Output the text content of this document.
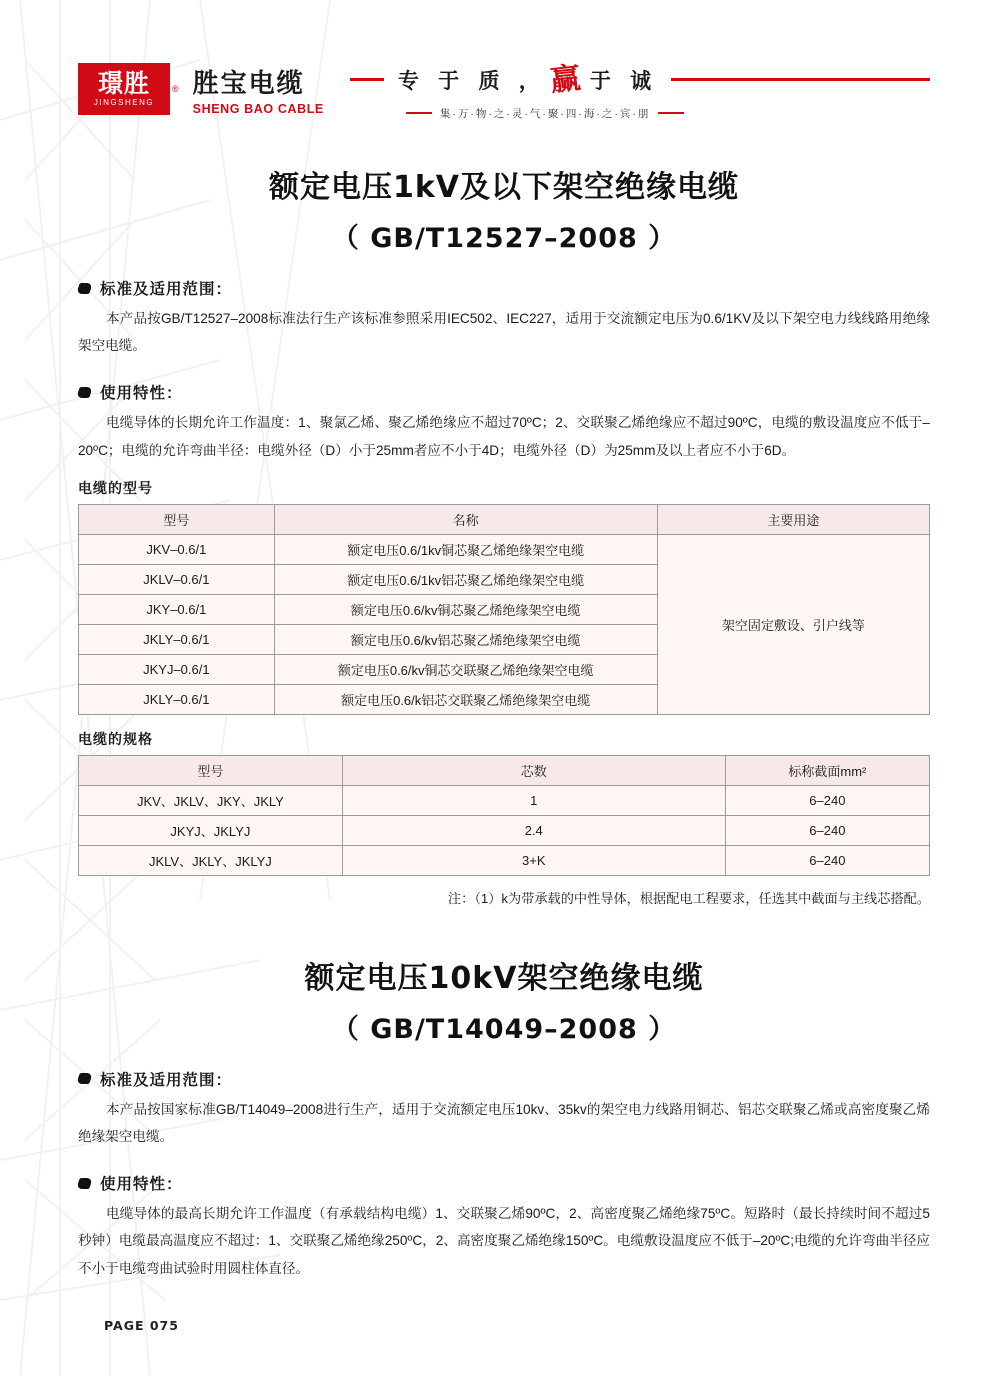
璟胜
JINGSHENG
® 胜宝电缆
SHENG BAO CABLE
专 于 质 ， 赢 于 诚
集·万·物·之·灵·气·聚·四·海·之·宾·朋
额定电压1kV及以下架空绝缘电缆
（ GB/T12527–2008 ）
标准及适用范围：
本产品按GB/T12527–2008标准法行生产该标准参照采用IEC502、IEC227，适用于交流额定电压为0.6/1KV及以下架空电力线线路用绝缘架空电缆。
使用特性：
电缆导体的长期允许工作温度：1、聚氯乙烯、聚乙烯绝缘应不超过70ºC；2、交联聚乙烯绝缘应不超过90ºC，电缆的敷设温度应不低于–20ºC；电缆的允许弯曲半径：电缆外径（D）小于25mm者应不小于4D；电缆外径（D）为25mm及以上者应不小于6D。
电缆的型号
型号	名称	主要用途
JKV–0.6/1	额定电压0.6/1kv铜芯聚乙烯绝缘架空电缆	架空固定敷设、引户线等
JKLV–0.6/1	额定电压0.6/1kv铝芯聚乙烯绝缘架空电缆	
JKY–0.6/1	额定电压0.6/kv铜芯聚乙烯绝缘架空电缆	
JKLY–0.6/1	额定电压0.6/kv铝芯聚乙烯绝缘架空电缆	
JKYJ–0.6/1	额定电压0.6/kv铜芯交联聚乙烯绝缘架空电缆	
JKLY–0.6/1	额定电压0.6/k铝芯交联聚乙烯绝缘架空电缆	
电缆的规格
型号	芯数	标称截面mm²
JKV、JKLV、JKY、JKLY	1	6–240
JKYJ、JKLYJ	2.4	6–240
JKLV、JKLY、JKLYJ	3+K	6–240
注：（1）k为带承载的中性导体，根据配电工程要求，任选其中截面与主线芯搭配。
额定电压10kV架空绝缘电缆
（ GB/T14049–2008 ）
标准及适用范围：
本产品按国家标准GB/T14049–2008进行生产，适用于交流额定电压10kv、35kv的架空电力线路用铜芯、铝芯交联聚乙烯或高密度聚乙烯绝缘架空电缆。
使用特性：
电缆导体的最高长期允许工作温度（有承载结构电缆）1、交联聚乙烯90ºC，2、高密度聚乙烯绝缘75ºC。短路时（最长持续时间不超过5秒钟）电缆最高温度应不超过：1、交联聚乙烯绝缘250ºC，2、高密度聚乙烯绝缘150ºC。电缆敷设温度应不低于–20ºC;电缆的允许弯曲半径应不小于电缆弯曲试验时用圆柱体直径。
PAGE 075
